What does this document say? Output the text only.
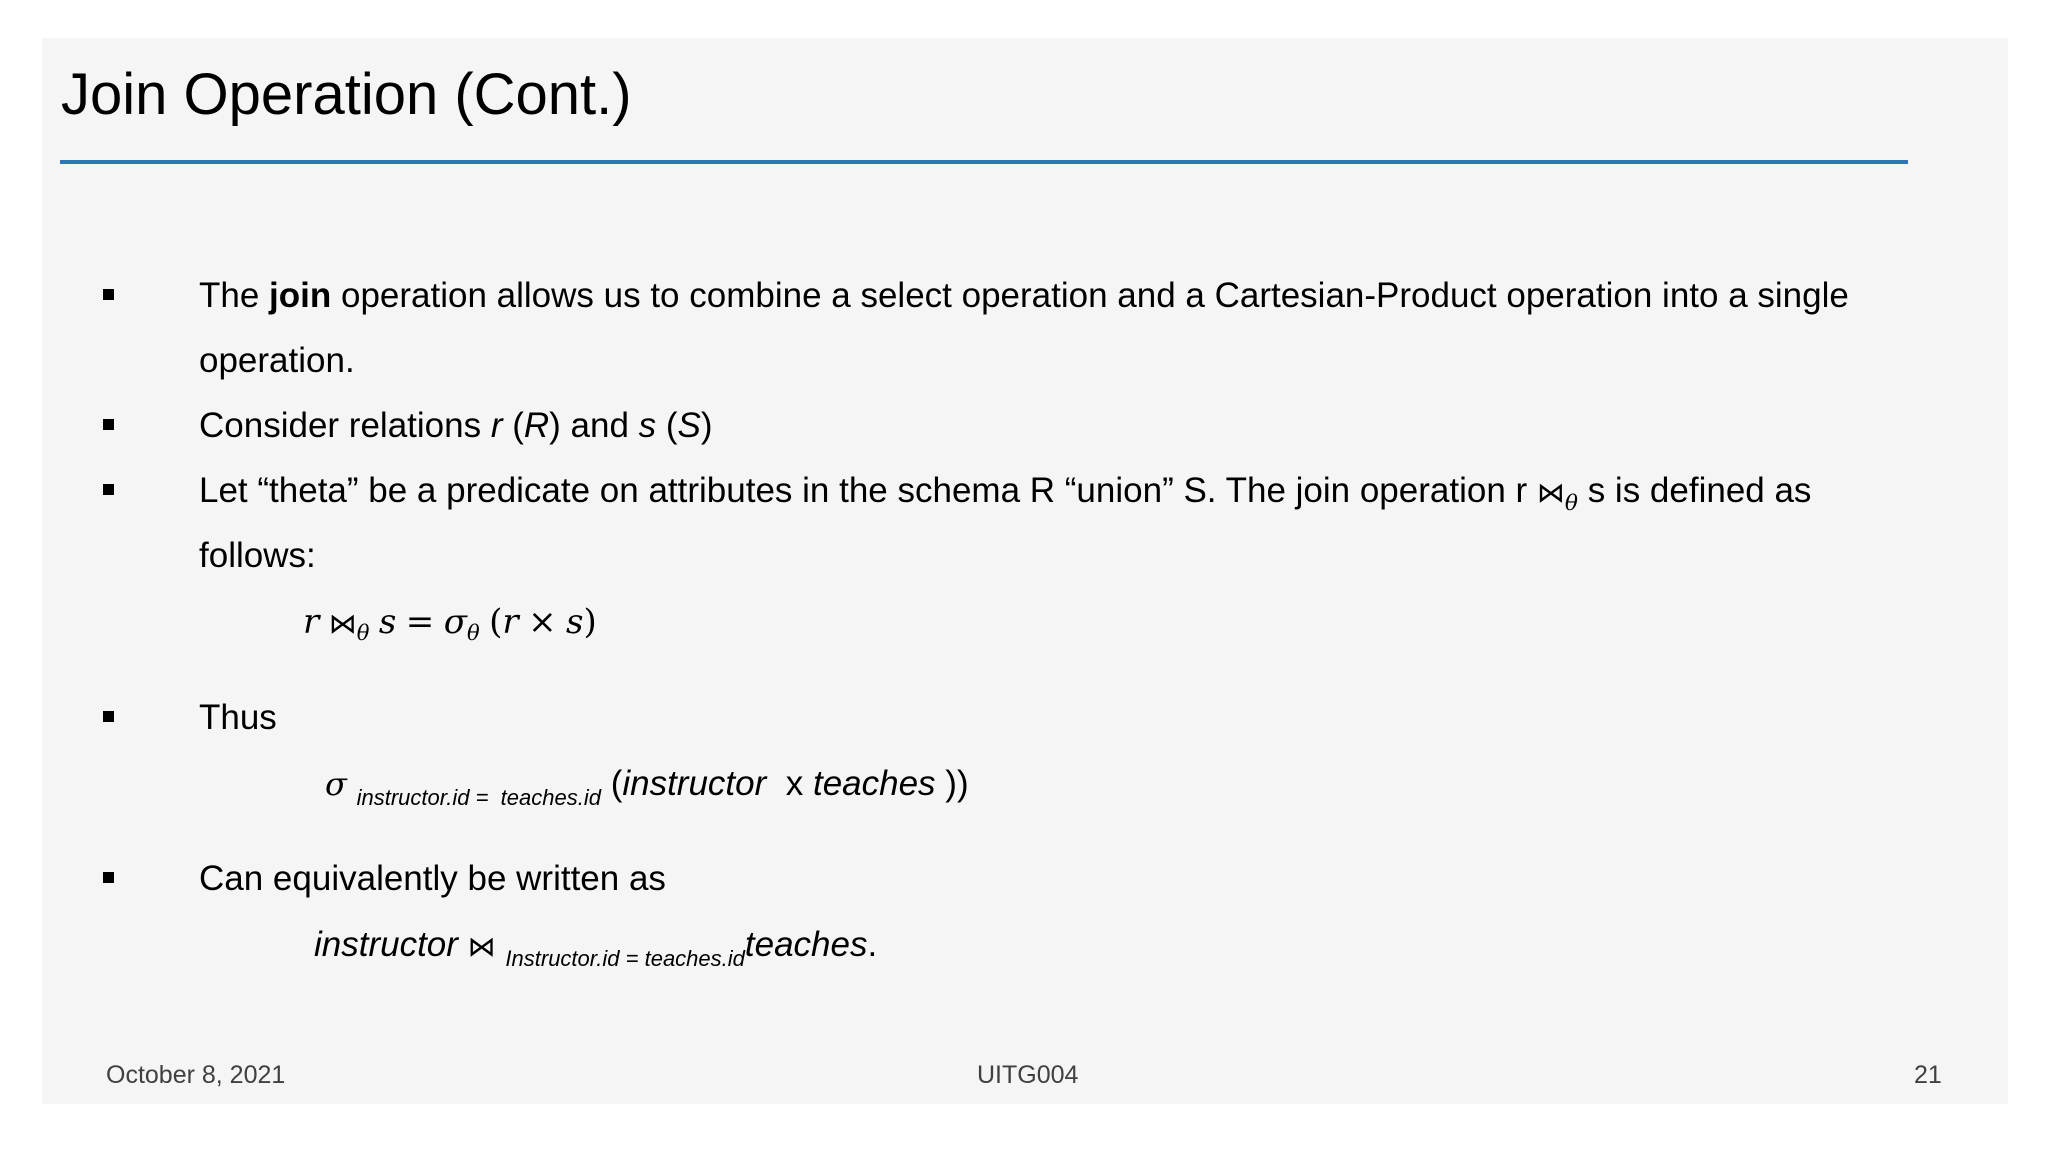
Join Operation (Cont.)
The join operation allows us to combine a select operation and a Cartesian-Product operation into a single
operation.
Consider relations r (R) and s (S)
Let “theta” be a predicate on attributes in the schema R “union” S. The join operation r $⋈_\theta$ s is defined as
follows:
r $⋈_\theta$ $s = \sigma_\theta$ (r × s)
Thus
σ $_{instructor.id = teaches.id}$ (instructor x teaches ))
Can equivalently be written as
instructor ⋈ $_{Instructor.id = teaches.id}$teaches.
October 8, 2021	UITG004	21
